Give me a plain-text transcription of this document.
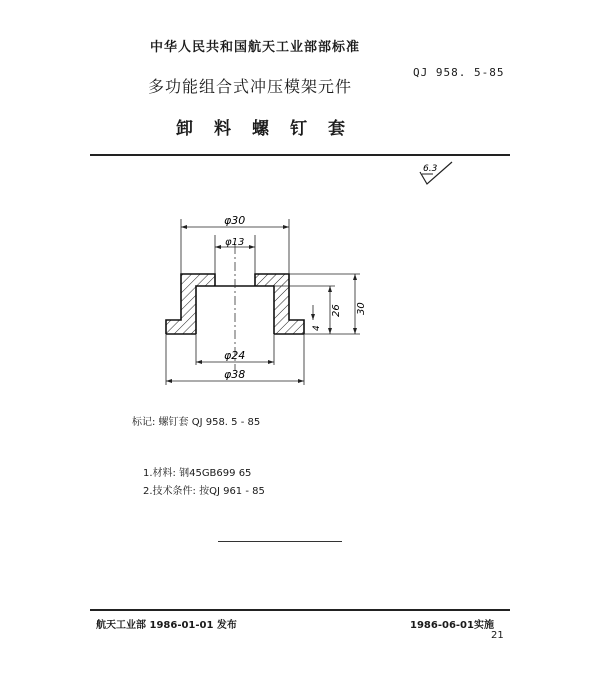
中华人民共和国航天工业部部标准
多功能组合式冲压模架元件
QJ 958. 5-85
卸料螺钉套
6.3
φ30
φ13
φ24
φ38
26 30
4
标记: 螺钉套 QJ 958. 5 - 85
1.材料: 钢45GB699 65
2.技术条件: 按QJ 961 - 85
航天工业部 1986-01-01 发布	1986-06-01实施
21
